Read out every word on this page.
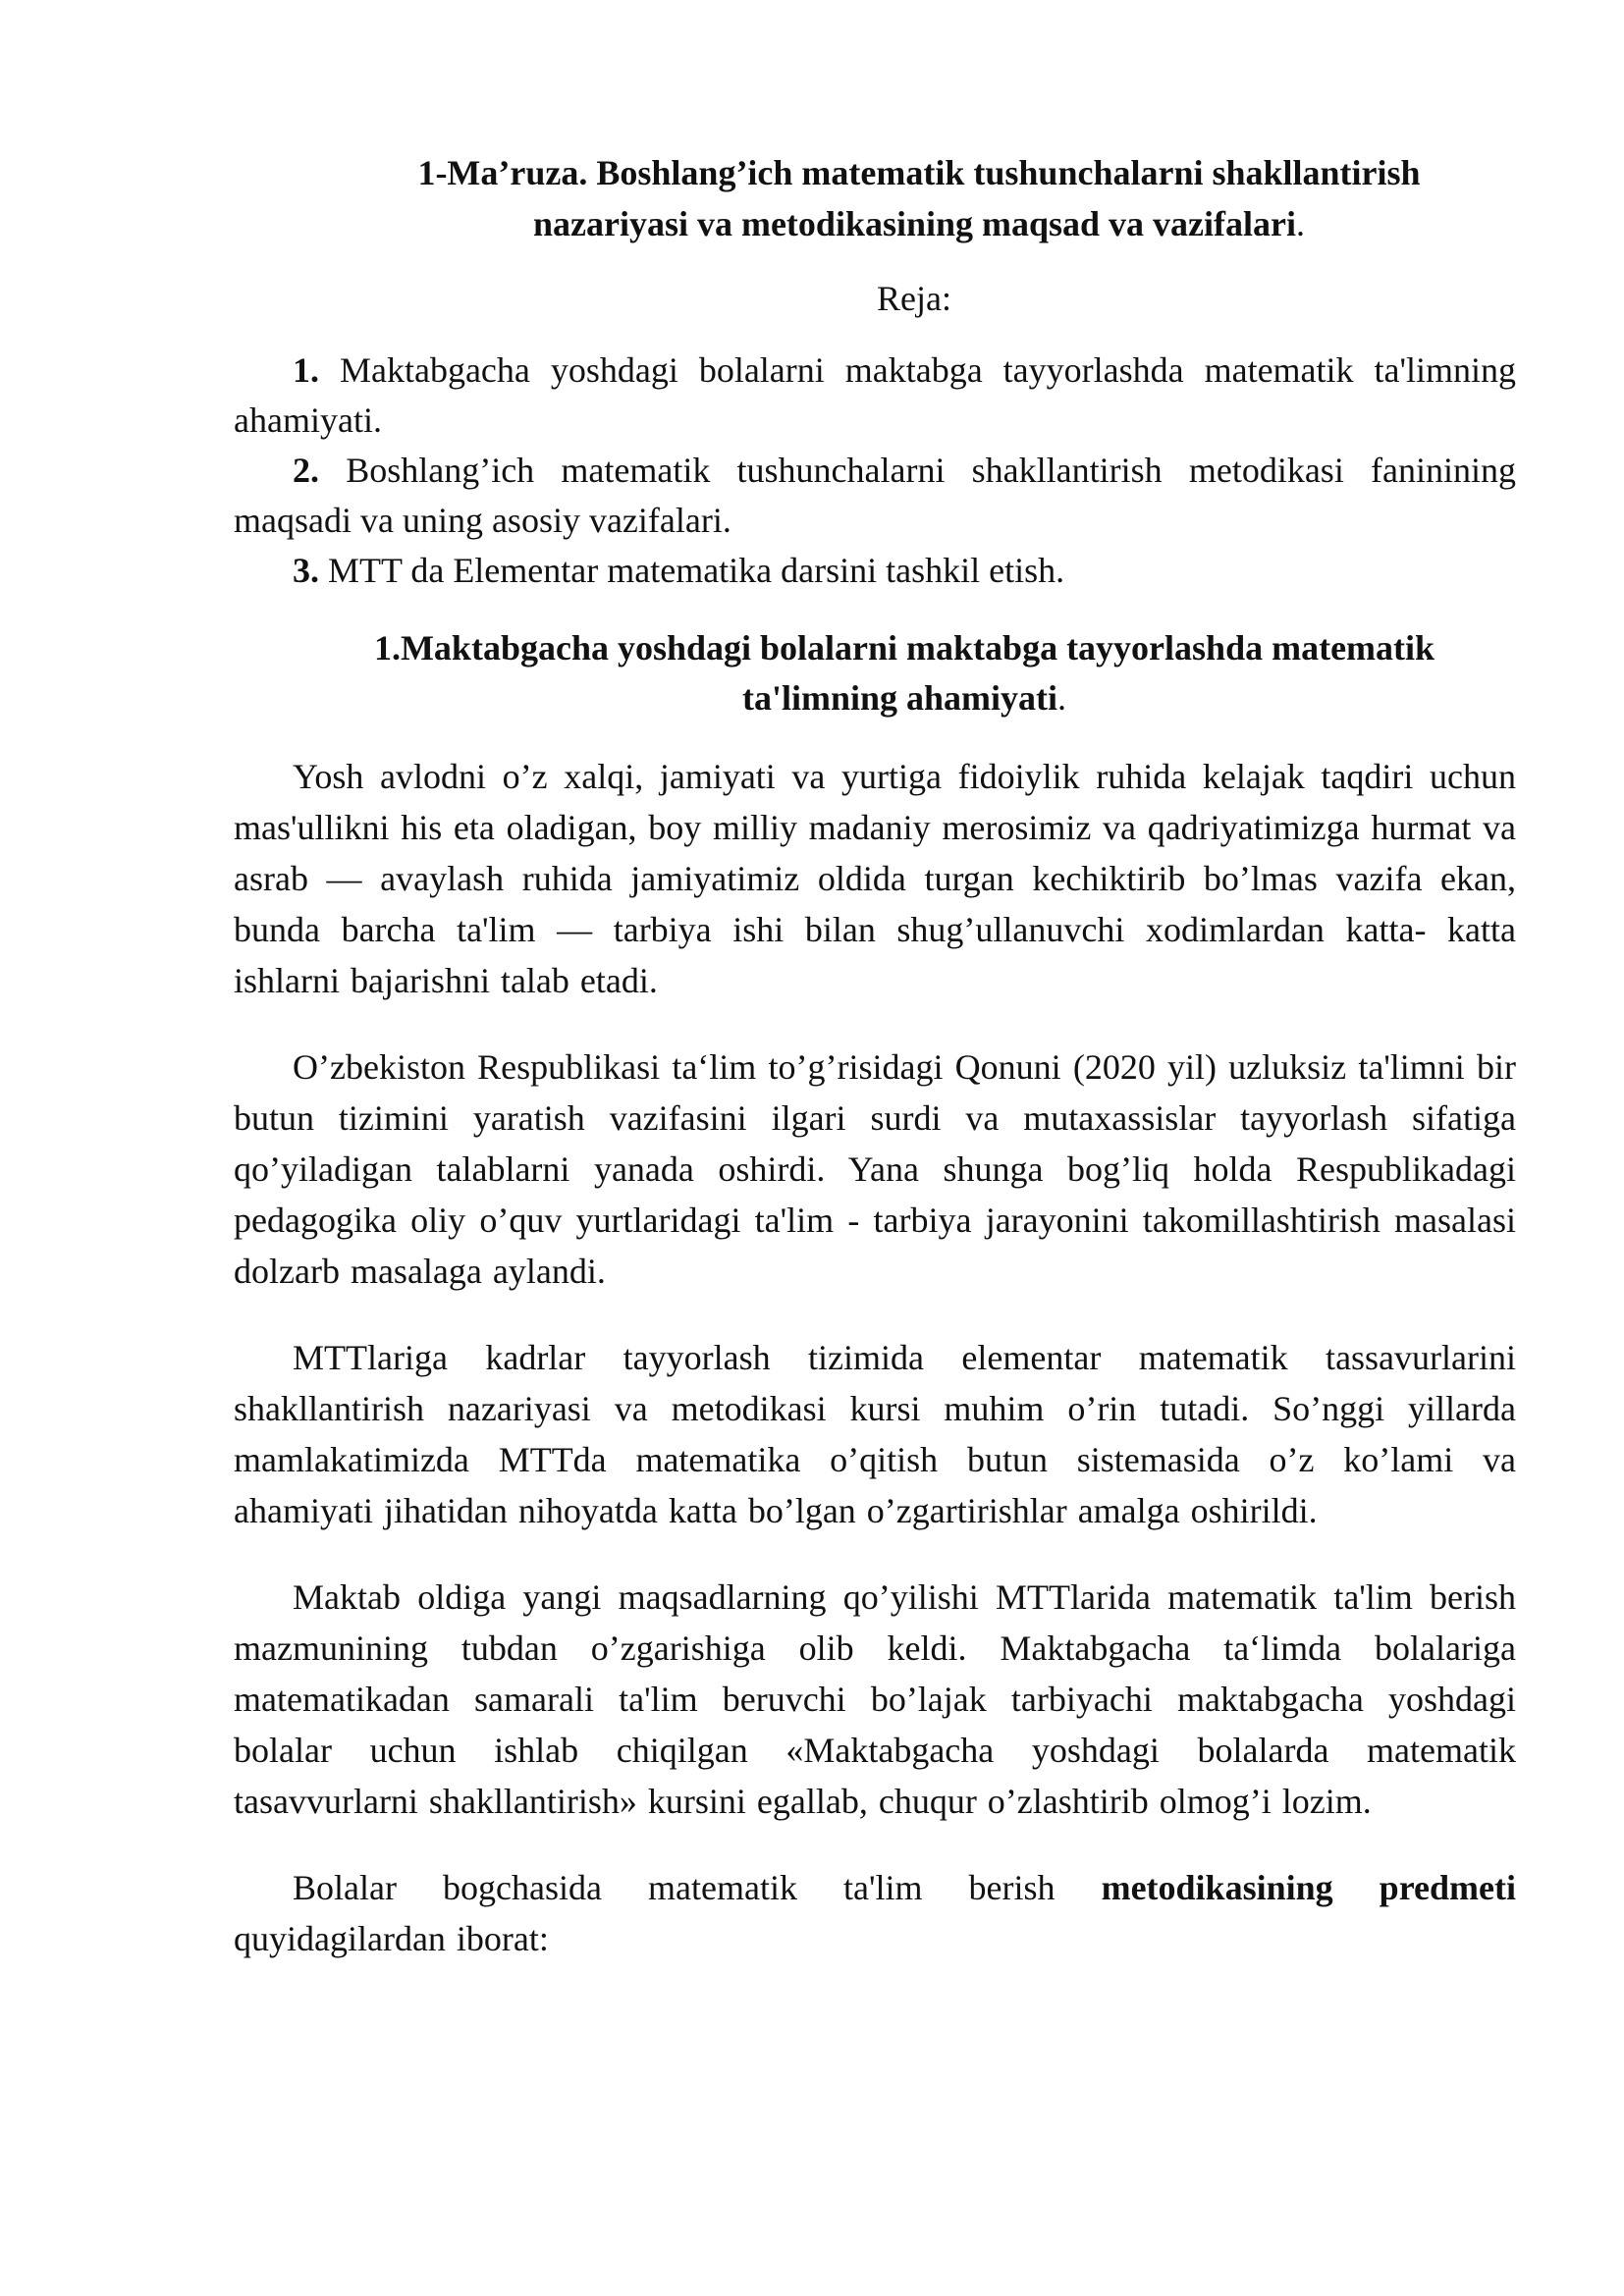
1-Ma’ruza. Boshlang’ich matematik tushunchalarni shakllantirish
nazariyasi va metodikasining maqsad va vazifalari.
Reja:
1. Maktabgacha yoshdagi bolalarni maktabga tayyorlashda matematik ta'limning ahamiyati.
2. Boshlang’ich matematik tushunchalarni shakllantirish metodikasi faninining maqsadi va uning asosiy vazifalari.
3. MTT da Elementar matematika darsini tashkil etish.
1.Maktabgacha yoshdagi bolalarni maktabga tayyorlashda matematik
ta'limning ahamiyati.

Yosh avlodni o’z xalqi, jamiyati va yurtiga fidoiylik ruhida kelajak taqdiri uchun mas'ullikni his eta oladigan, boy milliy madaniy merosimiz va qadriyatimizga hurmat va asrab — avaylash ruhida jamiyatimiz oldida turgan kechiktirib bo’lmas vazifa ekan, bunda barcha ta'lim — tarbiya ishi bilan shug’ullanuvchi xodimlardan katta- katta ishlarni bajarishni talab etadi.

O’zbekiston Respublikasi ta‘lim to’g’risidagi Qonuni (2020 yil) uzluksiz ta'limni bir butun tizimini yaratish vazifasini ilgari surdi va mutaxassislar tayyorlash sifatiga qo’yiladigan talablarni yanada oshirdi. Yana shunga bog’liq holda Respublikadagi pedagogika oliy o’quv yurtlaridagi ta'lim - tarbiya jarayonini takomillashtirish masalasi dolzarb masalaga aylandi.

MTTlariga kadrlar tayyorlash tizimida elementar matematik tassavurlarini shakllantirish nazariyasi va metodikasi kursi muhim o’rin tutadi. So’nggi yillarda mamlakatimizda MTTda matematika o’qitish butun sistemasida o’z ko’lami va ahamiyati jihatidan nihoyatda katta bo’lgan o’zgartirishlar amalga oshirildi.

Maktab oldiga yangi maqsadlarning qo’yilishi MTTlarida matematik ta'lim berish mazmunining tubdan o’zgarishiga olib keldi. Maktabgacha ta‘limda bolalariga matematikadan samarali ta'lim beruvchi bo’lajak tarbiyachi maktabgacha yoshdagi bolalar uchun ishlab chiqilgan «Maktabgacha yoshdagi bolalarda matematik tasavvurlarni shakllantirish» kursini egallab, chuqur o’zlashtirib olmog’i lozim.

Bolalar bogchasida matematik ta'lim berish metodikasining predmeti quyidagilardan iborat:
